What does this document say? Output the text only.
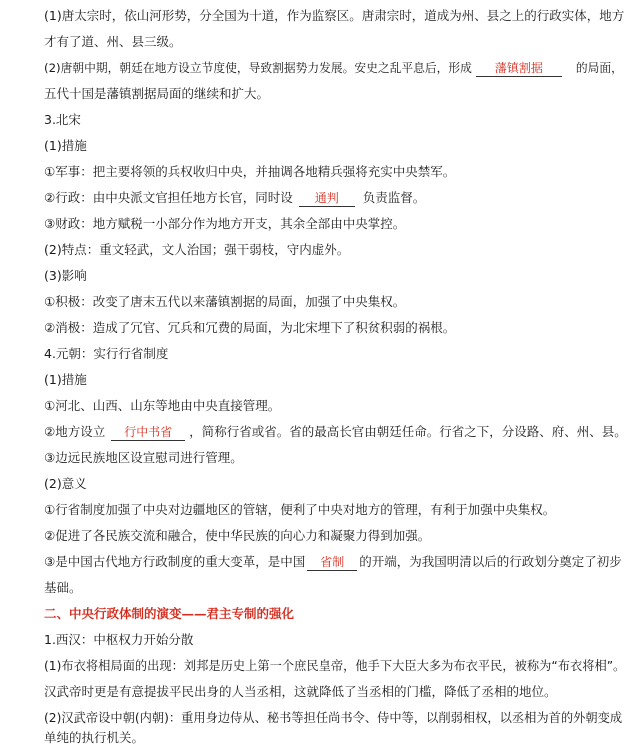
(1)唐太宗时，依山河形势，分全国为十道，作为监察区。唐肃宗时，道成为州、县之上的行政实体，地方
才有了道、州、县三级。
(2)唐朝中期，朝廷在地方设立节度使，导致割据势力发展。安史之乱平息后，形成 藩镇割据	的局面，
五代十国是藩镇割据局面的继续和扩大。
3.北宋
(1)措施
①军事：把主要将领的兵权收归中央，并抽调各地精兵强将充实中央禁军。
②行政：由中央派文官担任地方长官，同时设 通判 负责监督。
③财政：地方赋税一小部分作为地方开支，其余全部由中央掌控。
(2)特点：重文轻武，文人治国；强干弱枝，守内虚外。
(3)影响
①积极：改变了唐末五代以来藩镇割据的局面，加强了中央集权。
②消极：造成了冗官、冗兵和冗费的局面，为北宋埋下了积贫积弱的祸根。
4.元朝：实行行省制度
(1)措施
①河北、山西、山东等地由中央直接管理。
②地方设立 行中书省 ，简称行省或省。省的最高长官由朝廷任命。行省之下，分设路、府、州、县。
③边远民族地区设宣慰司进行管理。
(2)意义
①行省制度加强了中央对边疆地区的管辖，便利了中央对地方的管理，有利于加强中央集权。
②促进了各民族交流和融合，使中华民族的向心力和凝聚力得到加强。
③是中国古代地方行政制度的重大变革，是中国 省制 的开端，为我国明清以后的行政划分奠定了初步
基础。
二、中央行政体制的演变——君主专制的强化
1.西汉：中枢权力开始分散
(1)布衣将相局面的出现：刘邦是历史上第一个庶民皇帝，他手下大臣大多为布衣平民，被称为“布衣将相”。
汉武帝时更是有意提拔平民出身的人当丞相，这就降低了当丞相的门槛，降低了丞相的地位。
(2)汉武帝设中朝(内朝)：重用身边侍从、秘书等担任尚书令、侍中等，以削弱相权，以丞相为首的外朝变成
单纯的执行机关。
